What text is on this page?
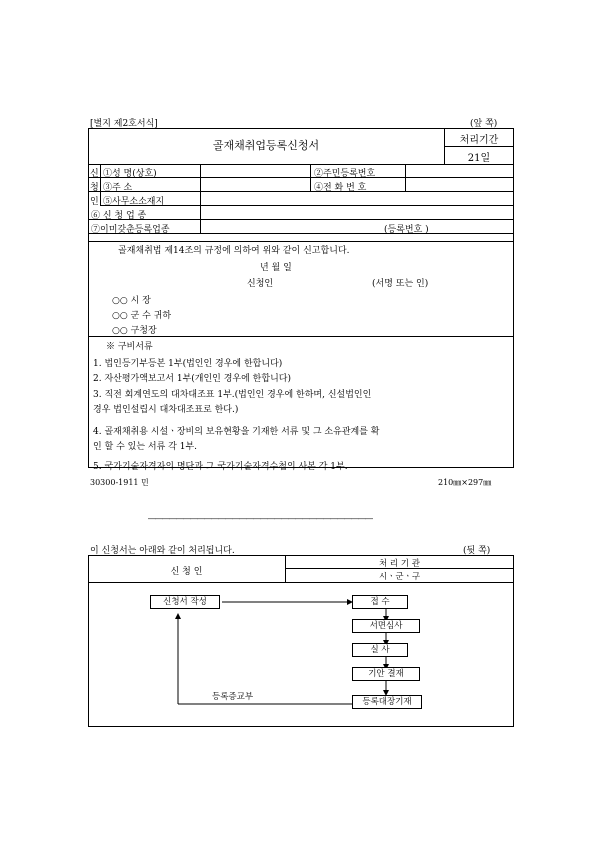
[별지 제2호서식]	(앞 쪽)
골재채취업등록신청서	처리기간
21일
신
청
인
①성 명(상호)	②주민등록번호
③주 소	④전 화 번 호
⑤사무소소재지
⑥ 신 청 업 종
⑦이미갖춘등록업종	(등록번호 )
골재채취법 제14조의 규정에 의하여 위와 같이 신고합니다.
년 월 일
신청인	(서명 또는 인)
○○ 시 장
○○ 군 수 귀하
○○ 구청장
※ 구비서류
1. 법인등기부등본 1부(법인인 경우에 한합니다)
2. 자산평가액보고서 1부(개인인 경우에 한합니다)
3. 직전 회계연도의 대차대조표 1부.(법인인 경우에 한하며, 신설법인인
경우 법인설립시 대차대조표로 한다.)
4. 골재채취용 시설ㆍ장비의 보유현황을 기재한 서류 및 그 소유관계를 확
인 할 수 있는 서류 각 1부.
5. 국가기술자격자의 명단과 그 국가기술자격수첩의 사본 각 1부.
30300-1911 민	210㎜×297㎜
――――――――――――――――――――――――――――――――
이 신청서는 아래와 같이 처리됩니다.	(뒷 쪽)
신 청 인
처 리 기 관
시ㆍ군ㆍ구
신청서 작성	접 수
서면심사
실 사
기안 결재
등록대장기재
등록증교부
